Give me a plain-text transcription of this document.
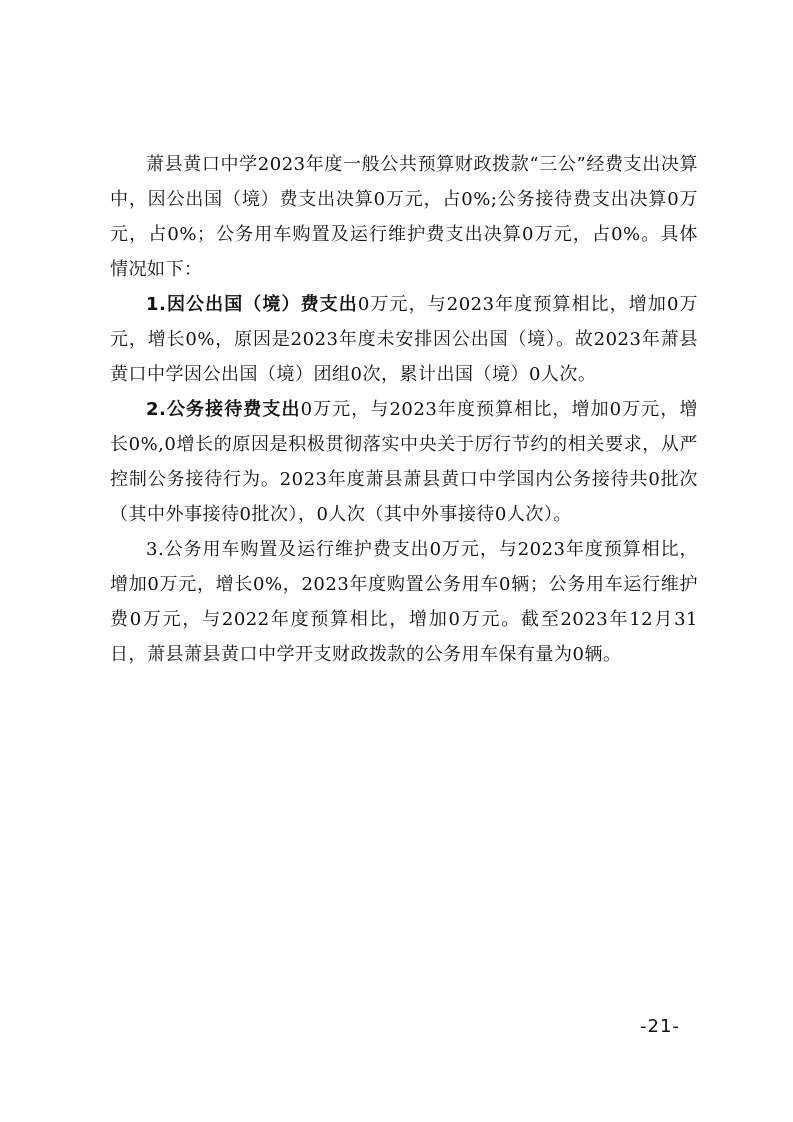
萧县黄口中学2023年度一般公共预算财政拨款“三公”经费支出决算中，因公出国（境）费支出决算0万元，占0%;公务接待费支出决算0万元，占0%；公务用车购置及运行维护费支出决算0万元，占0%。具体情况如下：

1.因公出国（境）费支出0万元，与2023年度预算相比，增加0万元，增长0%，原因是2023年度未安排因公出国（境）。故2023年萧县黄口中学因公出国（境）团组0次，累计出国（境）0人次。

2.公务接待费支出0万元，与2023年度预算相比，增加0万元，增长0%,0增长的原因是积极贯彻落实中央关于厉行节约的相关要求，从严控制公务接待行为。2023年度萧县萧县黄口中学国内公务接待共0批次（其中外事接待0批次），0人次（其中外事接待0人次）。

3.公务用车购置及运行维护费支出0万元，与2023年度预算相比，增加0万元，增长0%，2023年度购置公务用车0辆；公务用车运行维护费0万元，与2022年度预算相比，增加0万元。截至2023年12月31日，萧县萧县黄口中学开支财政拨款的公务用车保有量为0辆。

-21-
